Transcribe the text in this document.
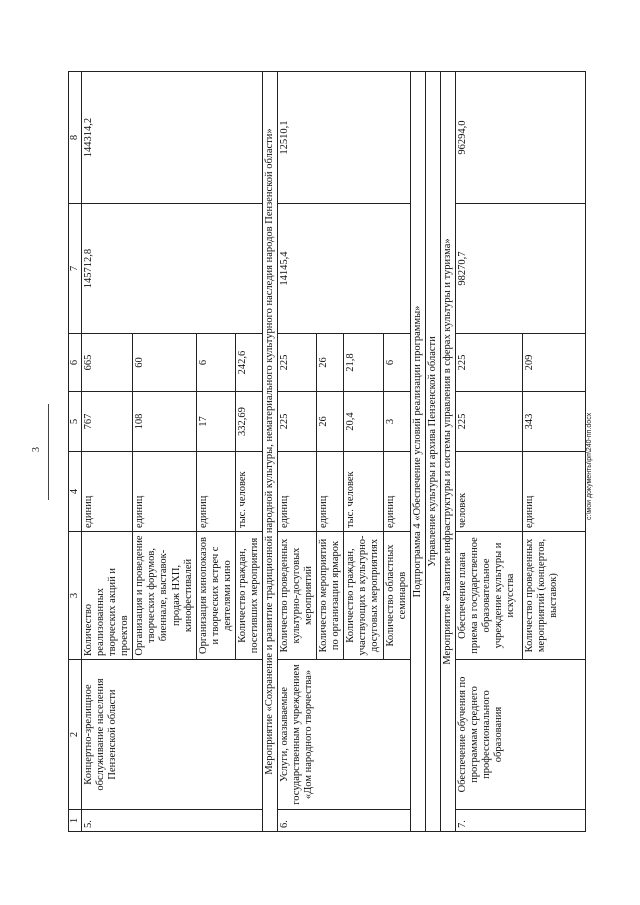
3	c:\мои документы\рп\240-пп.docx
1	2	3	4	5	6	7	8
5.	Концертно-зрелищное обслуживание населения Пензенской области	Количество реализованных творческих акций и проектов	единиц	767	665	145712,8	144314,2
		Организация и проведение творческих форумов, биеннале, выставок-продаж НХП, кинофестивалей	единиц	108	60		
		Организация кинопоказов и творческих встреч с деятелями кино	единиц	17	6		
		Количество граждан, посетивших мероприятия	тыс. человек	332,69	242,6		
Мероприятие «Сохранение и развитие традиционной народной культуры, нематериального культурного наследия народов Пензенской области»							
6.	Услуги, оказываемые государственным учреждением «Дом народного творчества»	Количество проведенных культурно-досуговых мероприятий	единиц	225	225	14145,4	12510,1
		Количество мероприятий по организации ярмарок	единиц	26	26		
		Количество граждан, участвующих в культурно-досуговых мероприятиях	тыс. человек	20,4	21,8		
		Количество областных семинаров	единиц	3	6		
Подпрограмма 4 «Обеспечение условий реализации программы»							
Управление культуры и архива Пензенской области							
Мероприятие «Развитие инфраструктуры и системы управления в сферах культуры и туризма»							
7.	Обеспечение обучения по программам среднего профессионального образования	Обеспечение плана приема в государственное образовательное учреждение культуры и искусства	человек	225	225	98270,7	96294,0
		Количество проведенных мероприятий (концертов, выставок)	единиц	343	209		
